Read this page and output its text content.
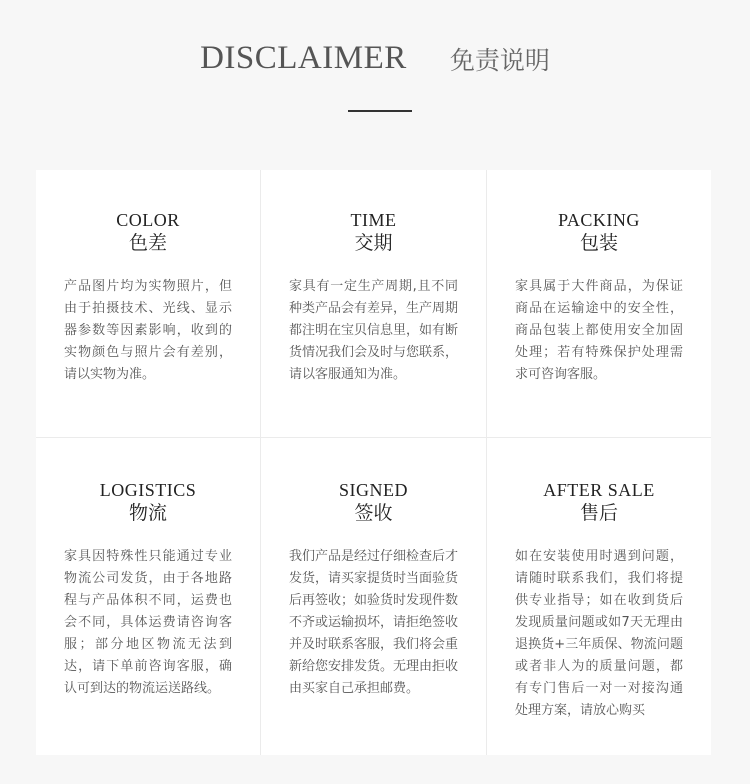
DISCLAIMER 免责说明
COLOR
色差
产品图片均为实物照片，但由于拍摄技术、光线、显示器参数等因素影响，收到的实物颜色与照片会有差别，请以实物为准。
TIME
交期
家具有一定生产周期,且不同种类产品会有差异，生产周期都注明在宝贝信息里，如有断货情况我们会及时与您联系，请以客服通知为准。
PACKING
包装
家具属于大件商品，为保证商品在运输途中的安全性，商品包装上都使用安全加固处理；若有特殊保护处理需求可咨询客服。
LOGISTICS
物流
家具因特殊性只能通过专业物流公司发货，由于各地路程与产品体积不同，运费也会不同，具体运费请咨询客服；部分地区物流无法到达，请下单前咨询客服，确认可到达的物流运送路线。
SIGNED
签收
我们产品是经过仔细检查后才发货，请买家提货时当面验货后再签收；如验货时发现件数不齐或运输损坏，请拒绝签收并及时联系客服，我们将会重新给您安排发货。无理由拒收由买家自己承担邮费。
AFTER SALE
售后
如在安装使用时遇到问题，请随时联系我们，我们将提供专业指导；如在收到货后发现质量问题或如7天无理由退换货+三年质保、物流问题或者非人为的质量问题，都有专门售后一对一对接沟通处理方案，请放心购买
